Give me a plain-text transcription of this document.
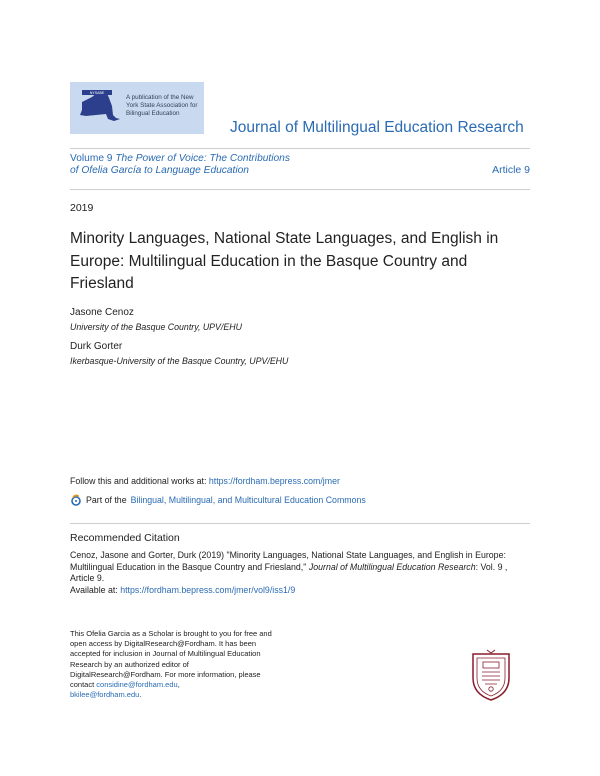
NYSABE
A publication of the New York State Association for Bilingual Education
Journal of Multilingual Education Research
Volume 9 The Power of Voice: The Contributions of Ofelia García to Language Education	Article 9
2019
Minority Languages, National State Languages, and English in Europe: Multilingual Education in the Basque Country and Friesland
Jasone Cenoz
University of the Basque Country, UPV/EHU
Durk Gorter
Ikerbasque-University of the Basque Country, UPV/EHU
Follow this and additional works at: https://fordham.bepress.com/jmer
Part of the Bilingual, Multilingual, and Multicultural Education Commons
Recommended Citation
Cenoz, Jasone and Gorter, Durk (2019) "Minority Languages, National State Languages, and English in Europe: Multilingual Education in the Basque Country and Friesland," Journal of Multilingual Education Research: Vol. 9 , Article 9.
Available at: https://fordham.bepress.com/jmer/vol9/iss1/9
This Ofelia Garcia as a Scholar is brought to you for free and open access by DigitalResearch@Fordham. It has been accepted for inclusion in Journal of Multilingual Education Research by an authorized editor of DigitalResearch@Fordham. For more information, please contact considine@fordham.edu,
bkilee@fordham.edu.
